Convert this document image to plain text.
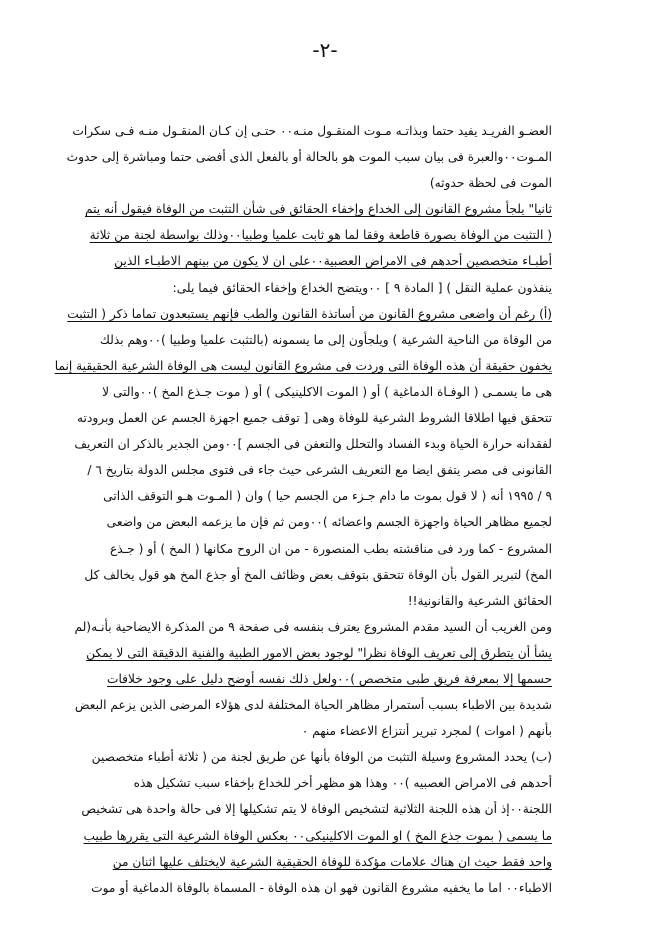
-٢-
العضـو الفريـد يفيد حتما وبذاتـه مـوت المنقـول منـه٠٠ حتـى إن كـان المنقـول منـه فـى سكرات
المـوت٠٠والعبرة فى بيان سبب الموت هو بالحالة أو بالفعل الذى أفضى حتما ومباشرة إلى حدوث
الموت فى لحظة حدوثه)
ثانيا" يلجأ مشروع القانون إلى الخداع وإخفاء الحقائق فى شأن التثبت من الوفاة فيقول أنه يتم
( التثبت من الوفاة بصورة قاطعة وفقا لما هو ثابت علميا وطبيا٠٠وذلك بواسطة لجنة من ثلاثة
أطبـاء متخصصين أحدهم فى الامراض العصبية٠٠على ان لا يكون من بينهم الاطبـاء الذين
ينفذون عملية النقل ) [ المادة ٩ ] ٠٠ويتضح الخداع وإخفاء الحقائق فيما يلى:
(أ) رغم أن واضعى مشروع القانون من أساتذة القانون والطب فإنهم يستبعدون تماما ذكر ( التثبت
من الوفاة من الناحية الشرعية ) ويلجأون إلى ما يسمونه (بالتثبت علميا وطبيا )٠٠وهم بذلك
يخفون حقيقة أن هذه الوفاة التى وردت فى مشروع القانون ليست هى الوفاة الشرعية الحقيقية إنما
هى ما يسمـى ( الوفـاة الدماغية ) أو ( الموت الاكلينيكى ) أو ( موت جـذع المخ )٠٠والتى لا
تتحقق فيها اطلاقا الشروط الشرعية للوفاة وهى [ توقف جميع اجهزة الجسم عن العمل وبرودته
لفقدانه حرارة الحياة وبدء الفساد والتحلل والتعفن فى الجسم ]٠٠ومن الجدير بالذكر ان التعريف
القانونى فى مصر يتفق ايضا مع التعريف الشرعى حيث جاء فى فتوى مجلس الدولة بتاريخ ٦ /
٩ / ١٩٩٥ أنه ( لا قول بموت ما دام جـزء من الجسم حيا ) وان ( المـوت هـو التوقف الذاتى
لجميع مظاهر الحياة واجهزة الجسم واعضائه )٠٠ومن ثم فإن ما يزعمه البعض من واضعى
المشروع - كما ورد فى مناقشته بطب المنصورة - من ان الروح مكانها ( المخ ) أو ( جـذع
المخ) لتبرير القول بأن الوفاة تتحقق بتوقف بعض وظائف المخ أو جذع المخ هو قول يخالف كل
الحقائق الشرعية والقانونية!!
ومن الغريب أن السيد مقدم المشروع يعترف بنفسه فى صفحة ٩ من المذكرة الايضاحية بأنـه(لم
يشأ أن يتطرق إلى تعريف الوفاة نظرا" لوجود بعض الامور الطبية والفنية الدقيقة التى لا يمكن
حسمها إلا بمعرفة فريق طبى متخصص )٠٠ولعل ذلك نفسه أوضح دليل على وجود خلافات
شديدة بين الاطباء بسبب أستمرار مظاهر الحياة المختلفة لدى هؤلاء المرضى الذين يزعم البعض
بأنهم ( اموات ) لمجرد تبرير أنتزاع الاعضاء منهم ٠
(ب) يحدد المشروع وسيلة التثبت من الوفاة بأنها عن طريق لجنة من ( ثلاثة أطباء متخصصين
أحدهم فى الامراض العصبيه )٠٠ وهذا هو مظهر أخر للخداع بإخفاء سبب تشكيل هذه
اللجنة٠٠إذ أن هذه اللجنة الثلاثية لتشخيص الوفاة لا يتم تشكيلها إلا فى حالة واحدة هى تشخيص
ما يسمى ( بموت جذع المخ ) او الموت الاكلينيكى٠٠ بعكس الوفاة الشرعية التى يقررها طبيب
واحد فقط حيث ان هناك علامات مؤكدة للوفاة الحقيقية الشرعية لايختلف عليها اثنان من
الاطباء٠٠ اما ما يخفيه مشروع القانون فهو ان هذه الوفاة - المسماة بالوفاة الدماغية أو موت
